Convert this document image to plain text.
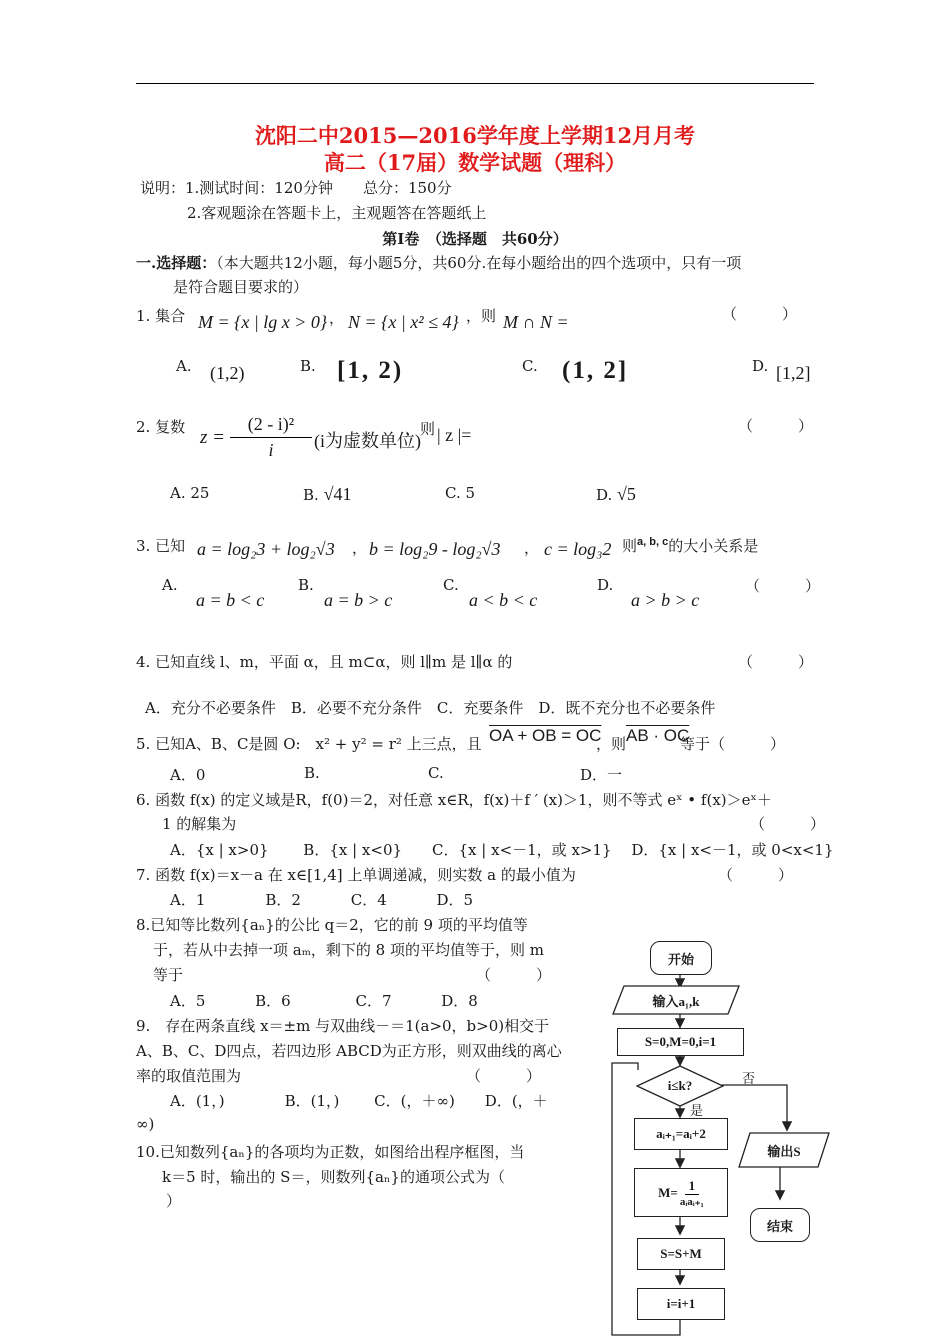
沈阳二中2015—2016学年度上学期12月月考
高二（17届）数学试题（理科）
说明：1.测试时间：120分钟　　总分：150分
2.客观题涂在答题卡上，主观题答在答题纸上
第Ⅰ卷　（选择题　共60分）
一.选择题：（本大题共12小题，每小题5分，共60分.在每小题给出的四个选项中，只有一项
是符合题目要求的）
1. 集合 M = {x | lg x > 0} ， N = {x | x² ≤ 4} ，则 M ∩ N =	（　　　）
A. (1,2)	B. [1, 2)	C. (1, 2]	D. [1,2]
2. 复数 z =
(2 - i)²
i	(i为虚数单位)
，则 | z |=	（　　　）
A. 25	B. √41	C. 5	D. √5
3. 已知 a = log₂3 + log₂√3 ， b = log₂9 - log₂√3 ， c = log₃2 则$^{a, b, c}$的大小关系是
A.
a = b < c
B.
a = b > c
C.
a < b < c
D.
a > b > c
（　　　）
4. 已知直线 l、m，平面 α，且 m⊂α，则 l∥m 是 l∥α 的	（　　　）
A．充分不必要条件　B．必要不充分条件　C．充要条件　D．既不充分也不必要条件
5. 已知A、B、C是圆 O:　x² + y² = r² 上三点，且 OA + OB = OC
，则 AB · OC
等于（　　　）
A．0	B.	C.	D．一
6. 函数 f(x) 的定义域是R，f(0)＝2，对任意 x∈R，f(x)＋f ′ (x)＞1，则不等式 eˣ • f(x)＞eˣ＋
1 的解集为	（　　　）
A．{x | x>0}　　 B．{x | x<0}　　C．{x | x<－1，或 x>1}　 D．{x | x<－1，或 0<x<1}
7. 函数 f(x)＝x－a 在 x∈[1,4] 上单调递减，则实数 a 的最小值为	（　　　）
A．1　　　　B．2　　　 C．4　　　 D．5
8.已知等比数列{aₙ}的公比 q＝2，它的前 9 项的平均值等
于，若从中去掉一项 aₘ，剩下的 8 项的平均值等于，则 m
等于	（　　　）
A．5　　　 B．6　　　　 C．7　　　 D．8
9.　存在两条直线 x＝±m 与双曲线－＝1(a>0，b>0)相交于
A、B、C、D四点，若四边形 ABCD为正方形，则双曲线的离心
率的取值范围为	（　　　）
A．(1，)　　　　B．(1，)　　 C．(，＋∞)　　D．(，＋
∞)
10.已知数列{aₙ}的各项均为正数，如图给出程序框图，当
k＝5 时，输出的 S＝，则数列{aₙ}的通项公式为（
）
开始
输入a₁,k
S=0,M=0,i=1
i≤k?	否
是
aᵢ₊₁=aᵢ+2
M= 1
aᵢaᵢ₊₁
S=S+M
i=i+1
输出S
结束
